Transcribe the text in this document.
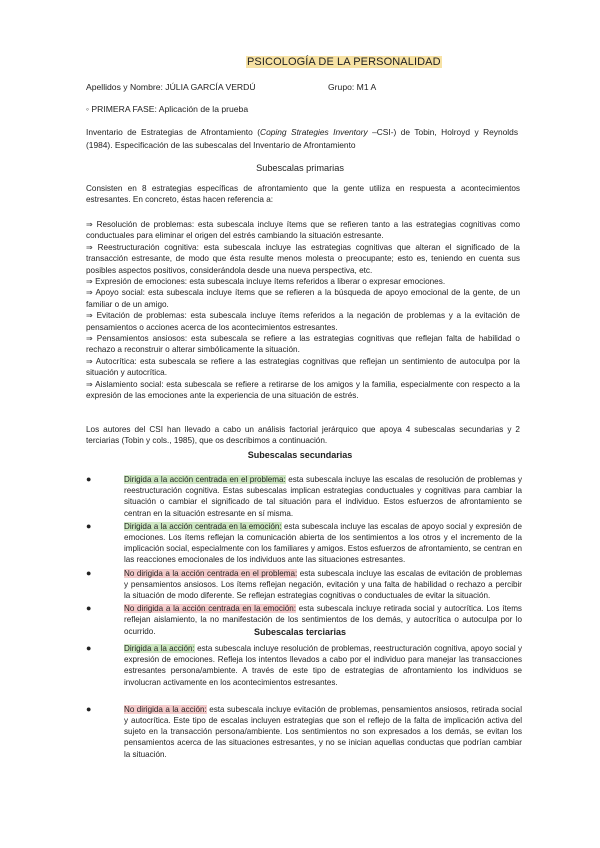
PSICOLOGÍA DE LA PERSONALIDAD
Apellidos y Nombre: JÚLIA GARCÍA VERDÚ	Grupo: M1 A
◦ PRIMERA FASE: Aplicación de la prueba
Inventario de Estrategias de Afrontamiento (Coping Strategies Inventory –CSI-) de Tobin, Holroyd y Reynolds (1984). Especificación de las subescalas del Inventario de Afrontamiento
Subescalas primarias
Consisten en 8 estrategias específicas de afrontamiento que la gente utiliza en respuesta a acontecimientos estresantes. En concreto, éstas hacen referencia a:

⇒ Resolución de problemas: esta subescala incluye ítems que se refieren tanto a las estrategias cognitivas como conductuales para eliminar el origen del estrés cambiando la situación estresante.

⇒ Reestructuración cognitiva: esta subescala incluye las estrategias cognitivas que alteran el significado de la transacción estresante, de modo que ésta resulte menos molesta o preocupante; esto es, teniendo en cuenta sus posibles aspectos positivos, considerándola desde una nueva perspectiva, etc.

⇒ Expresión de emociones: esta subescala incluye ítems referidos a liberar o expresar emociones.

⇒ Apoyo social: esta subescala incluye ítems que se refieren a la búsqueda de apoyo emocional de la gente, de un familiar o de un amigo.

⇒ Evitación de problemas: esta subescala incluye ítems referidos a la negación de problemas y a la evitación de pensamientos o acciones acerca de los acontecimientos estresantes.

⇒ Pensamientos ansiosos: esta subescala se refiere a las estrategias cognitivas que reflejan falta de habilidad o rechazo a reconstruir o alterar simbólicamente la situación.

⇒ Autocrítica: esta subescala se refiere a las estrategias cognitivas que reflejan un sentimiento de autoculpa por la situación y autocrítica.

⇒ Aislamiento social: esta subescala se refiere a retirarse de los amigos y la familia, especialmente con respecto a la expresión de las emociones ante la experiencia de una situación de estrés.

Los autores del CSI han llevado a cabo un análisis factorial jerárquico que apoya 4 subescalas secundarias y 2 terciarias (Tobin y cols., 1985), que os describimos a continuación.
Subescalas secundarias
●	Dirigida a la acción centrada en el problema: esta subescala incluye las escalas de resolución de problemas y reestructuración cognitiva. Estas subescalas implican estrategias conductuales y cognitivas para cambiar la situación o cambiar el significado de tal situación para el individuo. Estos esfuerzos de afrontamiento se centran en la situación estresante en sí misma.
●	Dirigida a la acción centrada en la emoción: esta subescala incluye las escalas de apoyo social y expresión de emociones. Los ítems reflejan la comunicación abierta de los sentimientos a los otros y el incremento de la implicación social, especialmente con los familiares y amigos. Estos esfuerzos de afrontamiento, se centran en las reacciones emocionales de los individuos ante las situaciones estresantes.
●	No dirigida a la acción centrada en el problema: esta subescala incluye las escalas de evitación de problemas y pensamientos ansiosos. Los ítems reflejan negación, evitación y una falta de habilidad o rechazo a percibir la situación de modo diferente. Se reflejan estrategias cognitivas o conductuales de evitar la situación.
●	No dirigida a la acción centrada en la emoción: esta subescala incluye retirada social y autocrítica. Los ítems reflejan aislamiento, la no manifestación de los sentimientos de los demás, y autocrítica o autoculpa por lo ocurrido.	Subescalas terciarias
●	Dirigida a la acción: esta subescala incluye resolución de problemas, reestructuración cognitiva, apoyo social y expresión de emociones. Refleja los intentos llevados a cabo por el individuo para manejar las transacciones estresantes persona/ambiente. A través de este tipo de estrategias de afrontamiento los individuos se involucran activamente en los acontecimientos estresantes.
●	No dirigida a la acción: esta subescala incluye evitación de problemas, pensamientos ansiosos, retirada social y autocrítica. Este tipo de escalas incluyen estrategias que son el reflejo de la falta de implicación activa del sujeto en la transacción persona/ambiente. Los sentimientos no son expresados a los demás, se evitan los pensamientos acerca de las situaciones estresantes, y no se inician aquellas conductas que podrían cambiar la situación.
